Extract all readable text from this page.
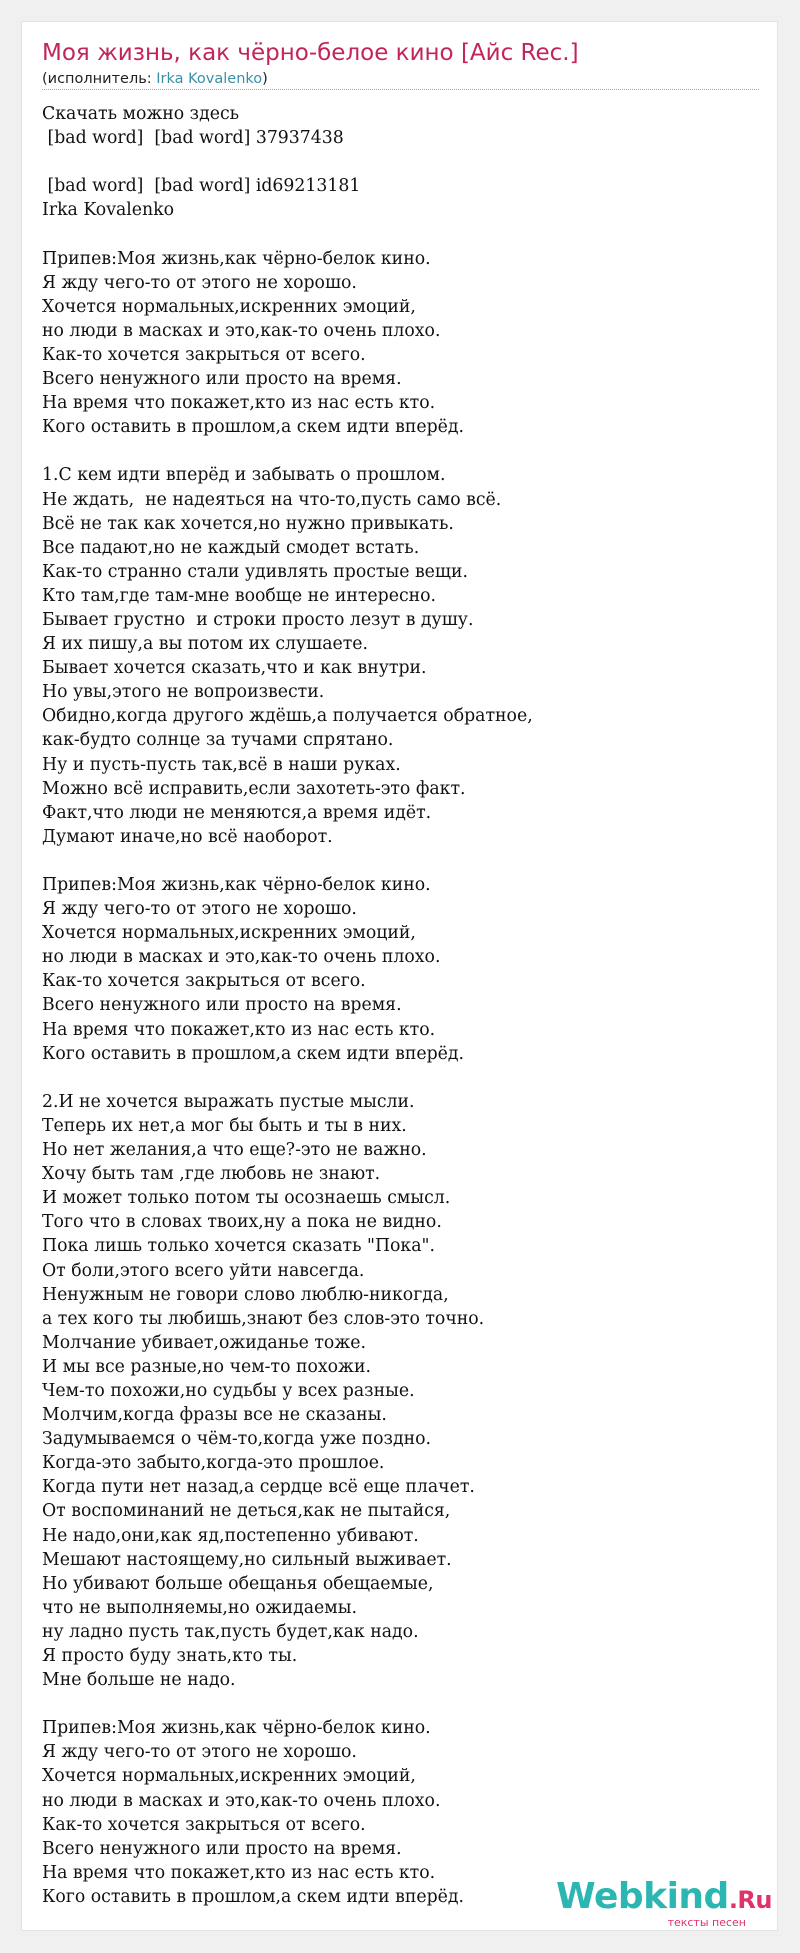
Моя жизнь, как чёрно-белое кино [Айс Rec.]
(исполнитель: Irka Kovalenko)
Скачать можно здесь
[bad word]  [bad word] 37937438

[bad word]  [bad word] id69213181
Irka Kovalenko

Припев:Моя жизнь,как чёрно-белок кино.
Я жду чего-то от этого не хорошо.
Хочется нормальных,искренних эмоций,
но люди в масках и это,как-то очень плохо.
Как-то хочется закрыться от всего.
Всего ненужного или просто на время.
На время что покажет,кто из нас есть кто.
Кого оставить в прошлом,а скем идти вперёд.

1.С кем идти вперёд и забывать о прошлом.
Не ждать,  не надеяться на что-то,пусть само всё.
Всё не так как хочется,но нужно привыкать.
Все падают,но не каждый смодет встать.
Как-то странно стали удивлять простые вещи.
Кто там,где там-мне вообще не интересно.
Бывает грустно  и строки просто лезут в душу.
Я их пишу,а вы потом их слушаете.
Бывает хочется сказать,что и как внутри.
Но увы,этого не вопроизвести.
Обидно,когда другого ждёшь,а получается обратное,
как-будто солнце за тучами спрятано.
Ну и пусть-пусть так,всё в наши руках.
Можно всё исправить,если захотеть-это факт.
Факт,что люди не меняются,а время идёт.
Думают иначе,но всё наоборот.

Припев:Моя жизнь,как чёрно-белок кино.
Я жду чего-то от этого не хорошо.
Хочется нормальных,искренних эмоций,
но люди в масках и это,как-то очень плохо.
Как-то хочется закрыться от всего.
Всего ненужного или просто на время.
На время что покажет,кто из нас есть кто.
Кого оставить в прошлом,а скем идти вперёд.

2.И не хочется выражать пустые мысли.
Теперь их нет,а мог бы быть и ты в них.
Но нет желания,а что еще?-это не важно.
Хочу быть там ,где любовь не знают.
И может только потом ты осознаешь смысл.
Того что в словах твоих,ну а пока не видно.
Пока лишь только хочется сказать "Пока".
От боли,этого всего уйти навсегда.
Ненужным не говори слово люблю-никогда,
а тех кого ты любишь,знают без слов-это точно.
Молчание убивает,ожиданье тоже.
И мы все разные,но чем-то похожи.
Чем-то похожи,но судьбы у всех разные.
Молчим,когда фразы все не сказаны.
Задумываемся о чём-то,когда уже поздно.
Когда-это забыто,когда-это прошлое.
Когда пути нет назад,а сердце всё еще плачет.
От воспоминаний не деться,как не пытайся,
Не надо,они,как яд,постепенно убивают.
Мешают настоящему,но сильный выживает.
Но убивают больше обещанья обещаемые,
что не выполняемы,но ожидаемы.
ну ладно пусть так,пусть будет,как надо.
Я просто буду знать,кто ты.
Мне больше не надо.

Припев:Моя жизнь,как чёрно-белок кино.
Я жду чего-то от этого не хорошо.
Хочется нормальных,искренних эмоций,
но люди в масках и это,как-то очень плохо.
Как-то хочется закрыться от всего.
Всего ненужного или просто на время.
На время что покажет,кто из нас есть кто.
Кого оставить в прошлом,а скем идти вперёд.	Webkind.Ru
тексты песен
